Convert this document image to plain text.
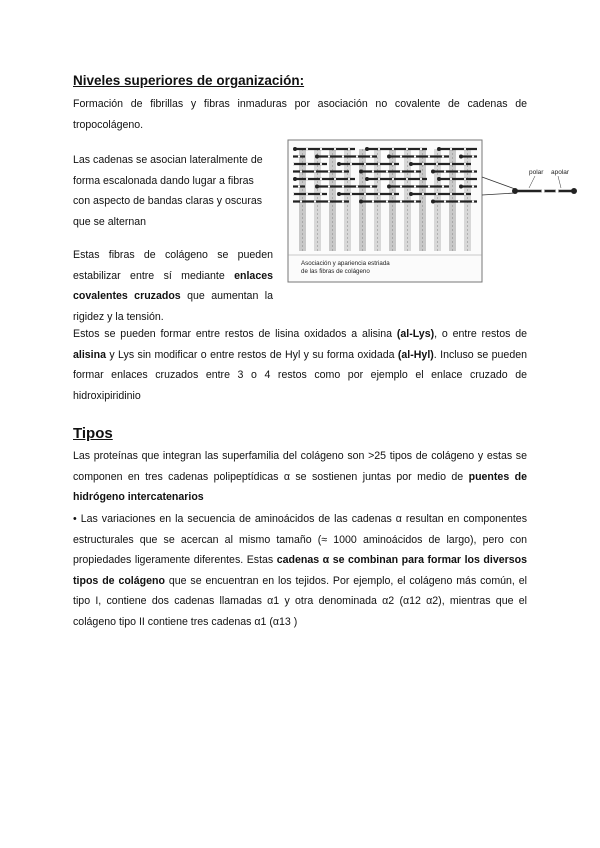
Niveles superiores de organización:
Formación de fibrillas y fibras inmaduras por asociación no covalente de cadenas de tropocolágeno.
Las cadenas se asocian lateralmente de forma escalonada dando lugar a fibras con aspecto de bandas claras y oscuras que se alternan
Estas fibras de colágeno se pueden estabilizar entre sí mediante enlaces covalentes cruzados que aumentan la rigidez y la tensión.
Asociación y apariencia estriada
de las fibras de colágeno
polar apolar
Estos se pueden formar entre restos de lisina oxidados a alisina (al-Lys), o entre restos de alisina y Lys sin modificar o entre restos de Hyl y su forma oxidada (al-Hyl). Incluso se pueden formar enlaces cruzados entre 3 o 4 restos como por ejemplo el enlace cruzado de hidroxipiridinio
Tipos
Las proteínas que integran las superfamilia del colágeno son >25 tipos de colágeno y estas se componen en tres cadenas polipeptídicas α se sostienen juntas por medio de puentes de hidrógeno intercatenarios
• Las variaciones en la secuencia de aminoácidos de las cadenas α resultan en componentes estructurales que se acercan al mismo tamaño (≈ 1000 aminoácidos de largo), pero con propiedades ligeramente diferentes. Estas cadenas α se combinan para formar los diversos tipos de colágeno que se encuentran en los tejidos. Por ejemplo, el colágeno más común, el tipo I, contiene dos cadenas llamadas α1 y otra denominada α2 (α12 α2), mientras que el colágeno tipo II contiene tres cadenas α1 (α13 )
